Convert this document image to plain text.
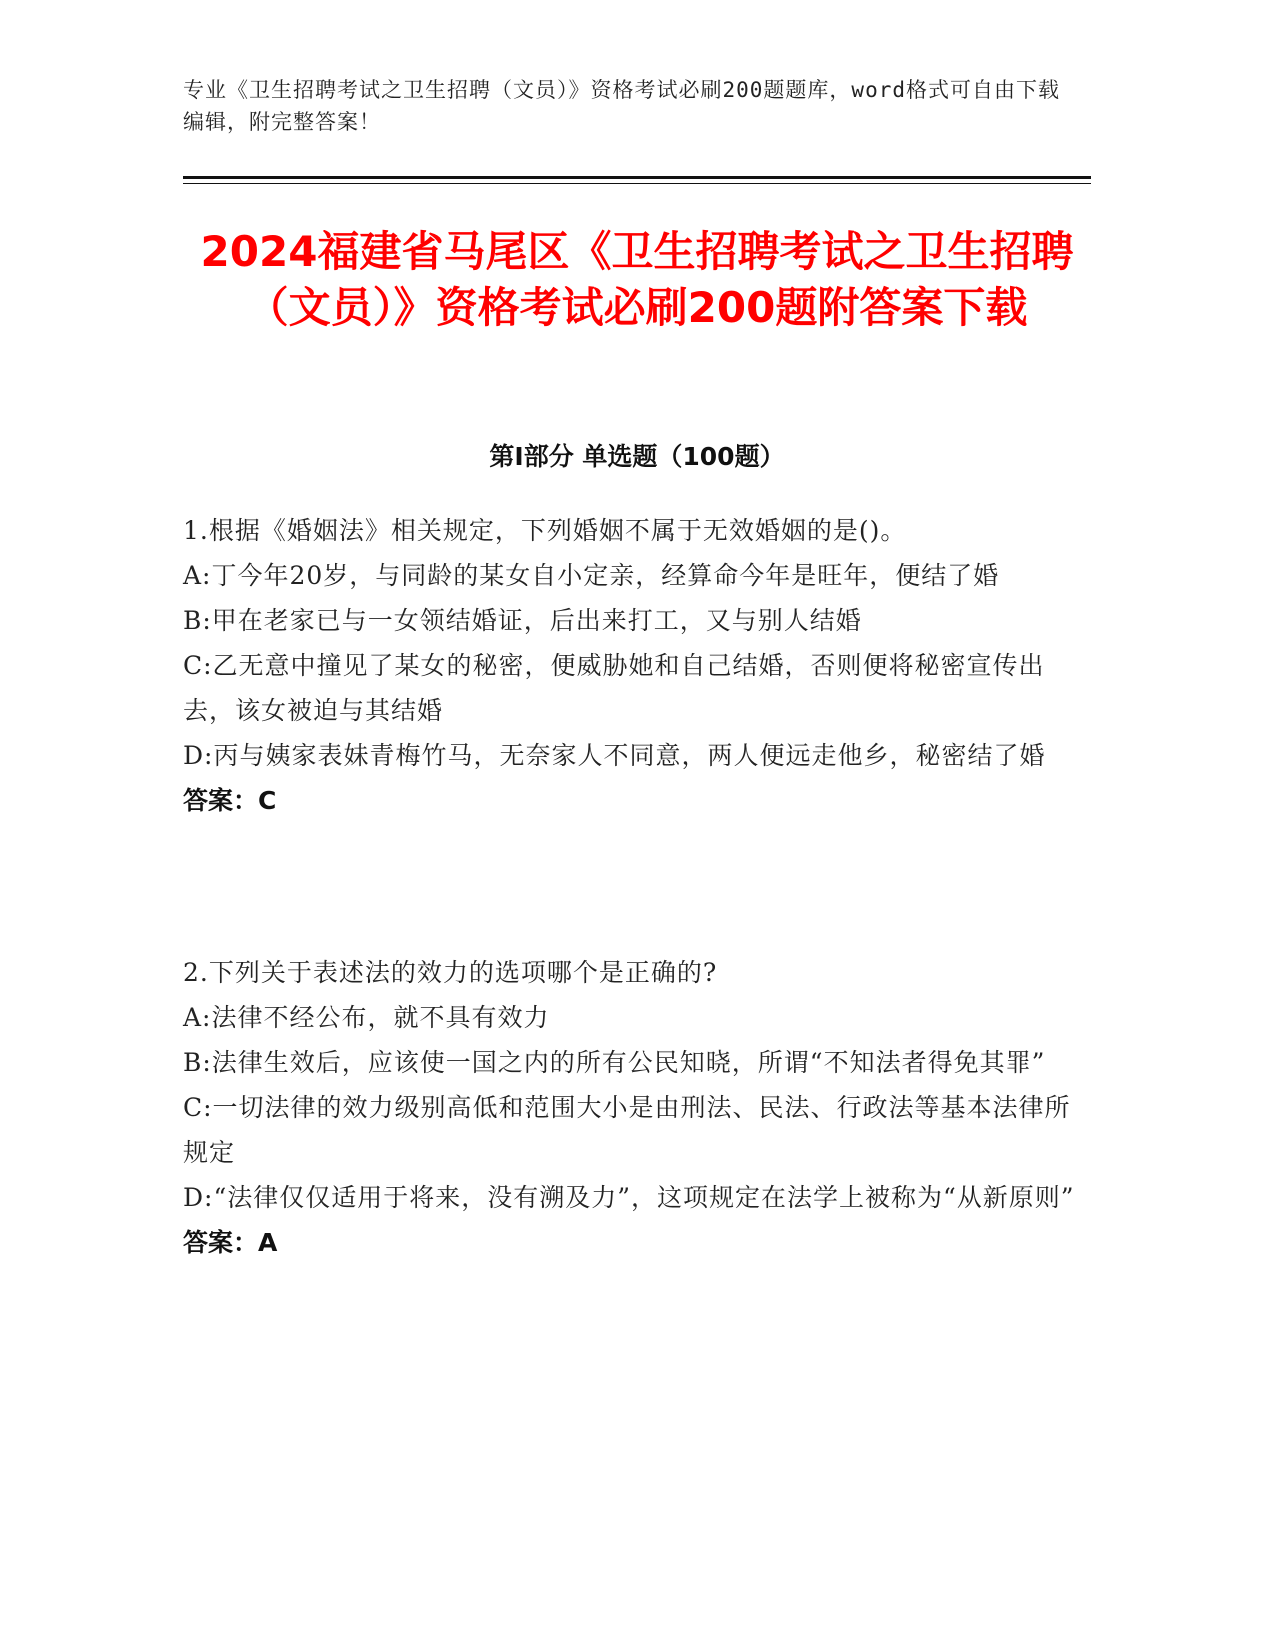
专业《卫生招聘考试之卫生招聘（文员）》资格考试必刷200题题库，word格式可自由下载编辑，附完整答案！
2024福建省马尾区《卫生招聘考试之卫生招聘（文员）》资格考试必刷200题附答案下载
第I部分 单选题（100题）
1.根据《婚姻法》相关规定，下列婚姻不属于无效婚姻的是()。
A:丁今年20岁，与同龄的某女自小定亲，经算命今年是旺年，便结了婚
B:甲在老家已与一女领结婚证，后出来打工，又与别人结婚
C:乙无意中撞见了某女的秘密，便威胁她和自己结婚，否则便将秘密宣传出去，该女被迫与其结婚
D:丙与姨家表妹青梅竹马，无奈家人不同意，两人便远走他乡，秘密结了婚
答案：C
2.下列关于表述法的效力的选项哪个是正确的?
A:法律不经公布，就不具有效力
B:法律生效后，应该使一国之内的所有公民知晓，所谓“不知法者得免其罪”
C:一切法律的效力级别高低和范围大小是由刑法、民法、行政法等基本法律所规定
D:“法律仅仅适用于将来，没有溯及力”，这项规定在法学上被称为“从新原则”
答案：A
